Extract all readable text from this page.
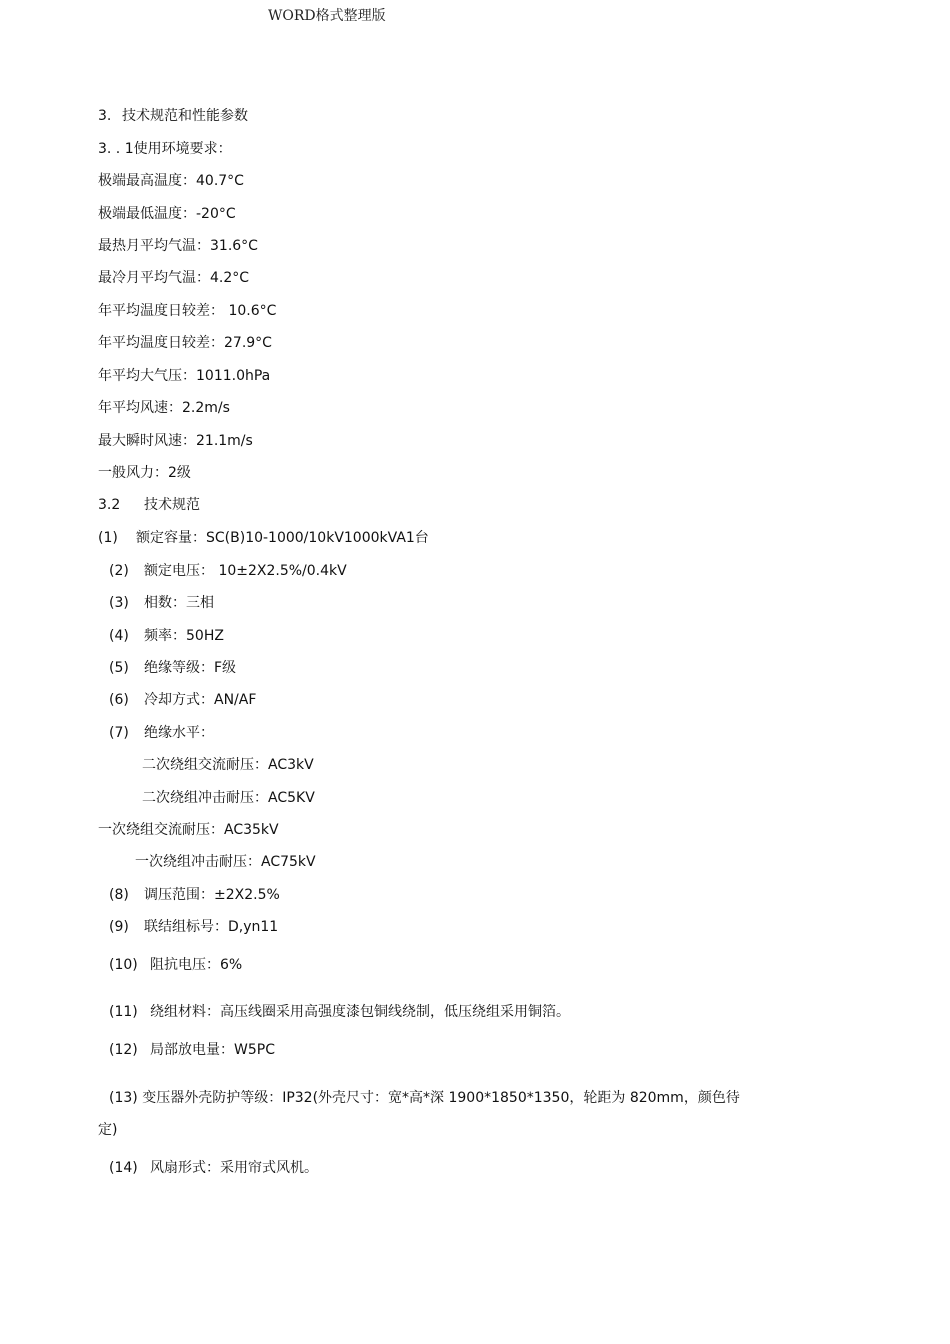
WORD格式整理版
3. 技术规范和性能参数
3. . 1使用环境要求：
极端最高温度：40.7°C
极端最低温度：-20°C
最热月平均气温：31.6°C
最冷月平均气温：4.2°C
年平均温度日较差： 10.6°C
年平均温度日较差：27.9°C
年平均大气压：1011.0hPa
年平均风速：2.2m/s
最大瞬时风速：21.1m/s
一般风力：2级
3.2 技术规范
(1) 额定容量：SC(B)10-1000/10kV1000kVA1台
(2) 额定电压： 10±2X2.5%/0.4kV
(3) 相数：三相
(4) 频率：50HZ
(5) 绝缘等级：F级
(6) 冷却方式：AN/AF
(7) 绝缘水平：
二次绕组交流耐压：AC3kV
二次绕组冲击耐压：AC5KV
一次绕组交流耐压：AC35kV
一次绕组冲击耐压：AC75kV
(8) 调压范围：±2X2.5%
(9) 联结组标号：D,yn11
(10) 阻抗电压：6%
(11) 绕组材料：高压线圈采用高强度漆包铜线绕制，低压绕组采用铜箔。
(12) 局部放电量：W5PC
(13) 变压器外壳防护等级：IP32(外壳尺寸：宽*高*深 1900*1850*1350，轮距为 820mm，颜色待
定)
(14) 风扇形式：采用帘式风机。
